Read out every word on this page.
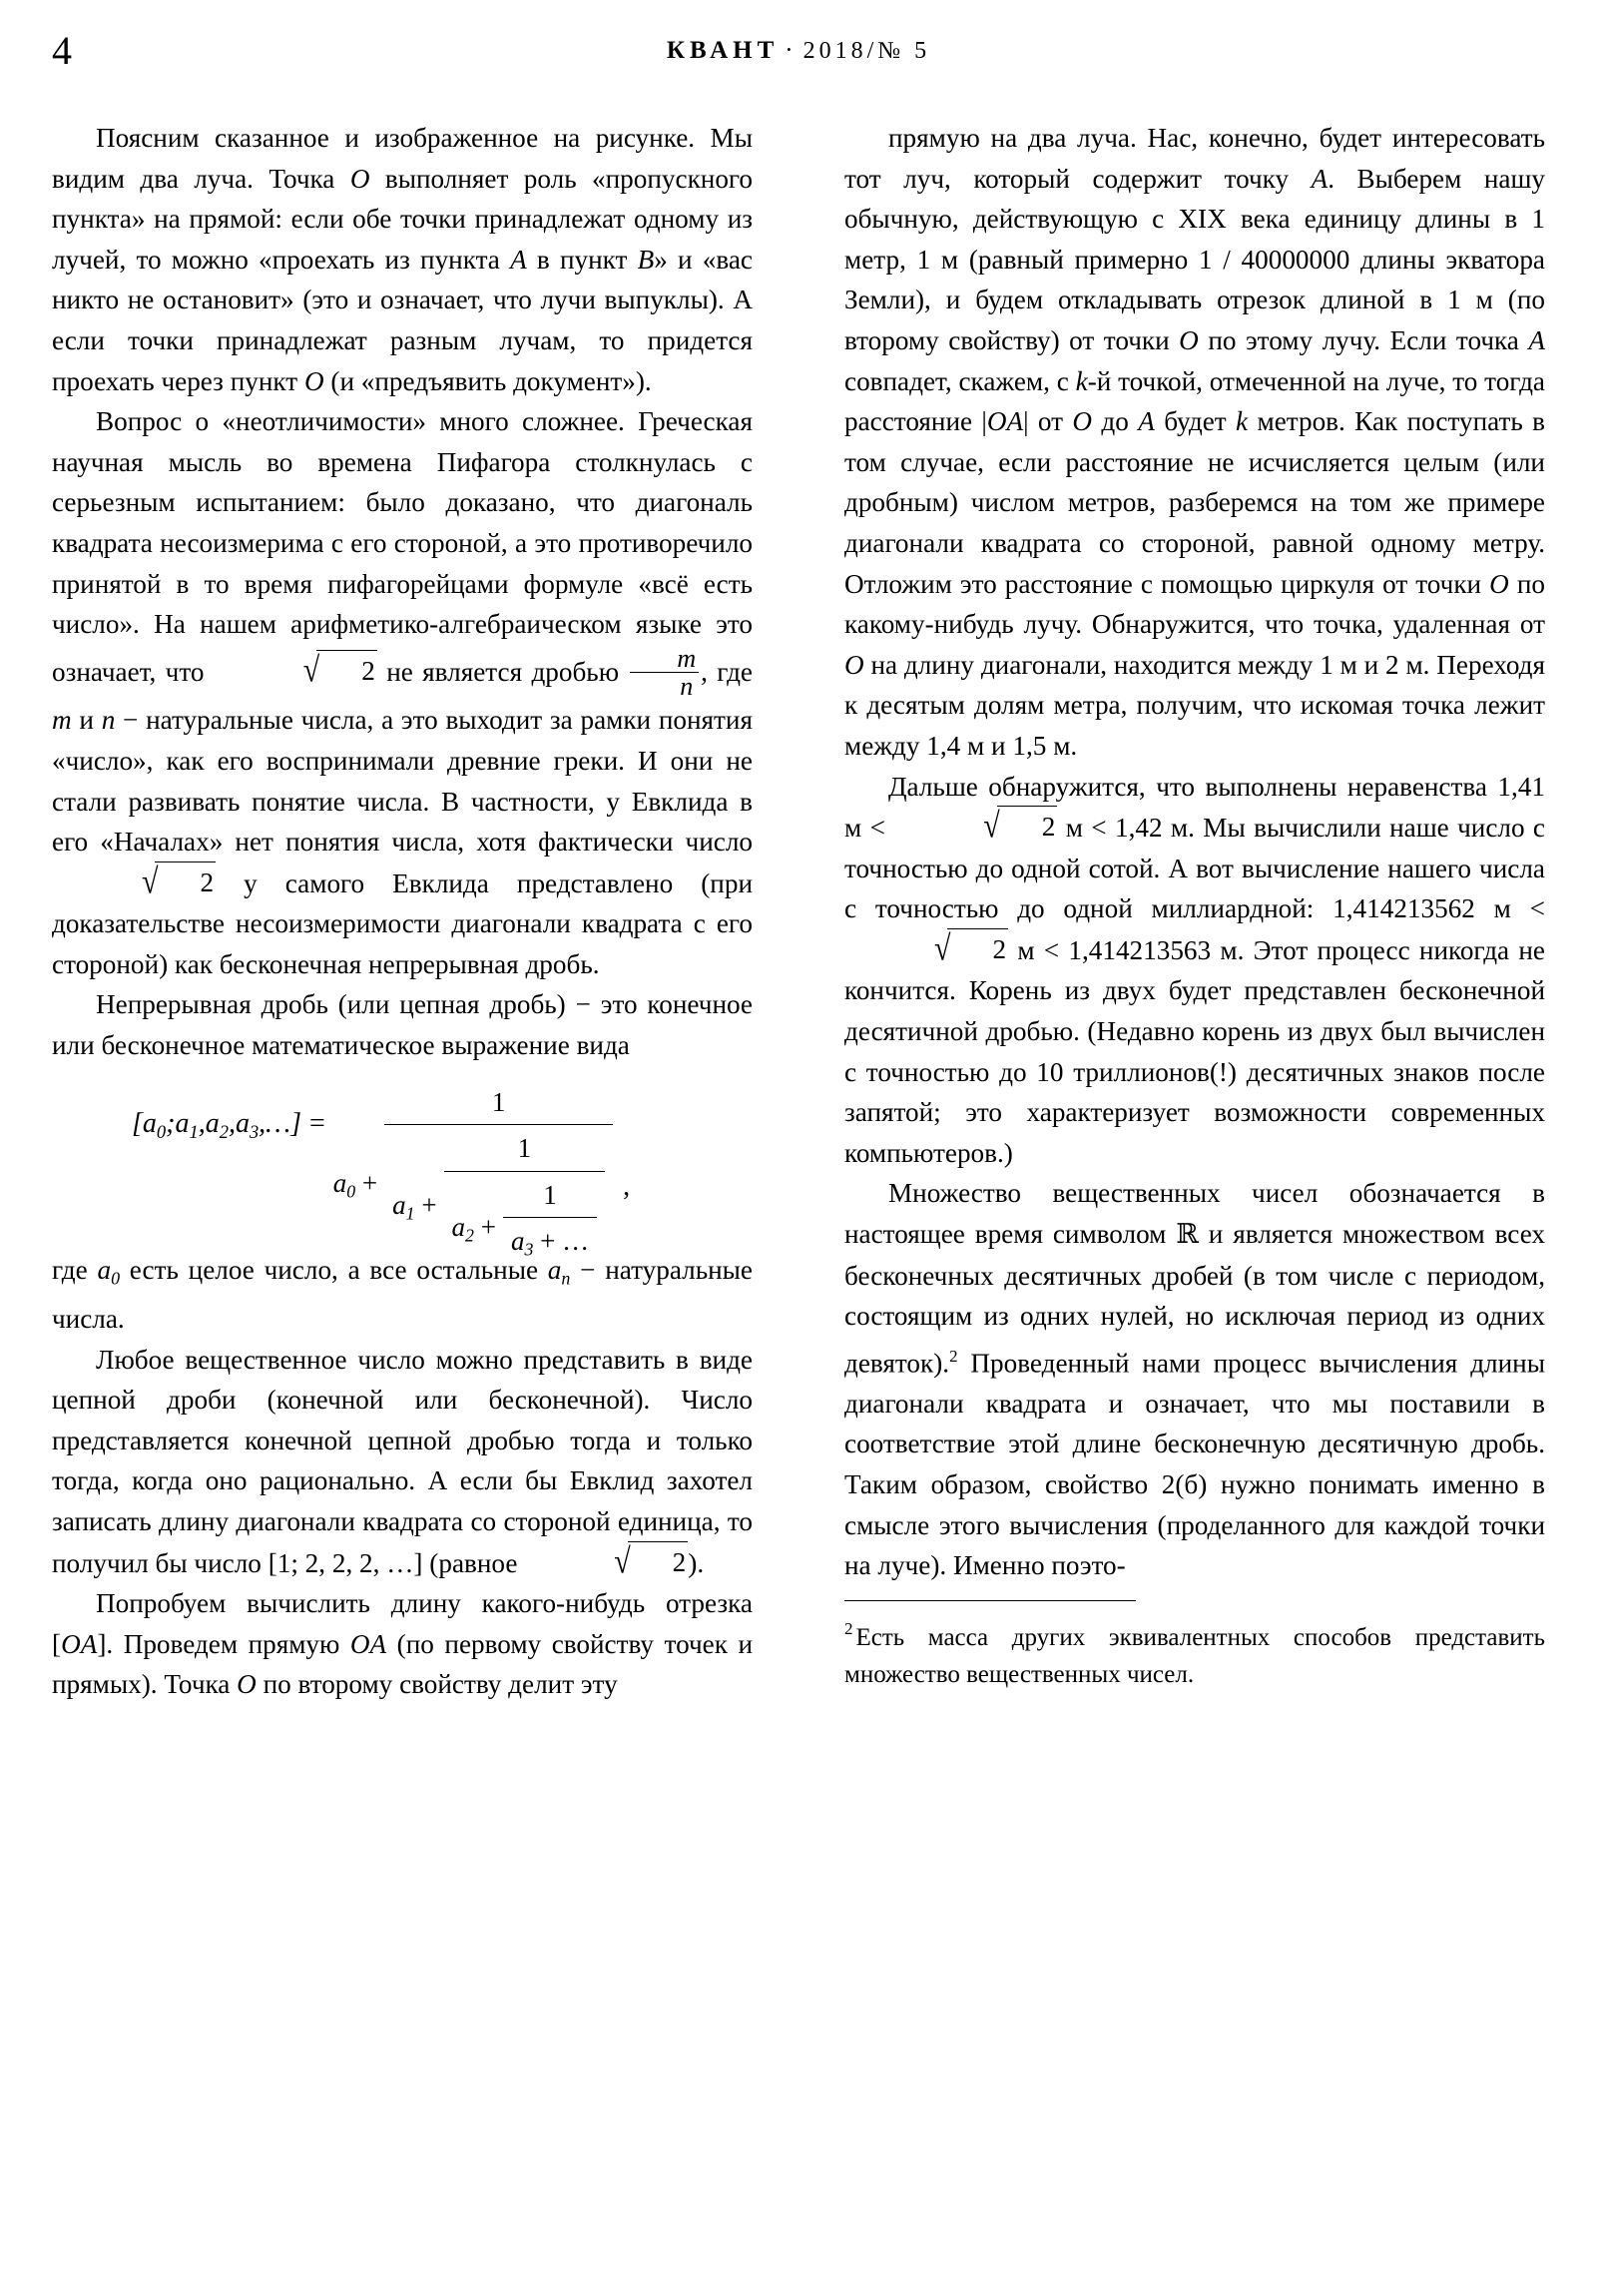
4	КВАНТ · 2018/№ 5

Поясним сказанное и изображенное на рисунке. Мы видим два луча. Точка O выполняет роль «пропускного пункта» на прямой: если обе точки принадлежат одному из лучей, то можно «проехать из пункта A в пункт B» и «вас никто не остановит» (это и означает, что лучи выпуклы). А если точки принадлежат разным лучам, то придется проехать через пункт O (и «предъявить документ»).

Вопрос о «неотличимости» много сложнее. Греческая научная мысль во времена Пифагора столкнулась с серьезным испытанием: было доказано, что диагональ квадрата несоизмерима с его стороной, а это противоречило принятой в то время пифагорейцами формуле «всё есть число». На нашем арифметико-алгебраическом языке это означает, что	√ 2 не является дробью $\frac{m}{n}$ , где m и n − натуральные числа, а это выходит за рамки понятия «число», как его воспринимали древние греки. И они не стали развивать понятие числа. В частности, у Евклида в его «Началах» нет понятия числа, хотя фактически число √ 2 у самого Евклида представлено (при доказательстве несоизмеримости диагонали квадрата с его стороной) как бесконечная непрерывная дробь.

Непрерывная дробь (или цепная дробь) − это конечное или бесконечное математическое выражение вида

$[a_0;a_1,a_2,a_3,\dots]$ =
$a_0$ +
1
$a_1$ +
1
$a_2 + \frac{1}{a_3 + \dots}$ ,

где $a_0$ есть целое число, а все остальные $a_n$ − натуральные числа.

Любое вещественное число можно представить в виде цепной дроби (конечной или бесконечной). Число представляется конечной цепной дробью тогда и только тогда, когда оно рационально. А если бы Евклид захотел записать длину диагонали квадрата со стороной единица, то получил бы число [1; 2, 2, 2, …] (равное	√ 2).

Попробуем вычислить длину какого-нибудь отрезка [OA]. Проведем прямую OA (по первому свойству точек и прямых). Точка O по второму свойству делит эту

прямую на два луча. Нас, конечно, будет интересовать тот луч, который содержит точку A. Выберем нашу обычную, действующую с XIX века единицу длины в 1 метр, 1 м (равный примерно 1 / 40000000 длины экватора Земли), и будем откладывать отрезок длиной в 1 м (по второму свойству) от точки O по этому лучу. Если точка A совпадет, скажем, с k-й точкой, отмеченной на луче, то тогда расстояние |OA| от O до A будет k метров. Как поступать в том случае, если расстояние не исчисляется целым (или дробным) числом метров, разберемся на том же примере диагонали квадрата со стороной, равной одному метру. Отложим это расстояние с помощью циркуля от точки O по какому-нибудь лучу. Обнаружится, что точка, удаленная от O на длину диагонали, находится между 1 м и 2 м. Переходя к десятым долям метра, получим, что искомая точка лежит между 1,4 м и 1,5 м.

Дальше обнаружится, что выполнены неравенства 1,41 м <	√ 2 м < 1,42 м. Мы вычислили наше число с точностью до одной сотой. А вот вычисление нашего числа с точностью до одной миллиардной: 1,414213562 м < √ 2 м < 1,414213563 м. Этот процесс никогда не кончится. Корень из двух будет представлен бесконечной десятичной дробью. (Недавно корень из двух был вычислен с точностью до 10 триллионов(!) десятичных знаков после запятой; это характеризует возможности современных компьютеров.)

Множество вещественных чисел обозначается в настоящее время символом ℝ и является множеством всех бесконечных десятичных дробей (в том числе с периодом, состоящим из одних нулей, но исключая период из одних девяток).$^2$ Проведенный нами процесс вычисления длины диагонали квадрата и означает, что мы поставили в соответствие этой длине бесконечную десятичную дробь. Таким образом, свойство 2(б) нужно понимать именно в смысле этого вычисления (проделанного для каждой точки на луче). Именно поэто-

$^2$ Есть масса других эквивалентных способов представить множество вещественных чисел.
